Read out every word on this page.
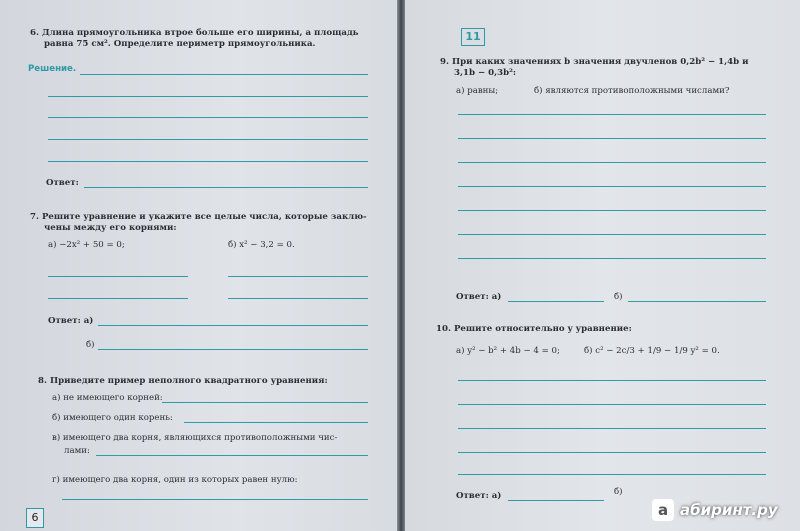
6. Длина прямоугольника втрое больше его ширины, а площадь
равна 75 см². Определите периметр прямоугольника.
Решение.
Ответ:
7. Решите уравнение и укажите все целые числа, которые заклю-
чены между его корнями:
а) −2x² + 50 = 0;	б) x² − 3,2 = 0.
Ответ: а)
б)
8. Приведите пример неполного квадратного уравнения:
а) не имеющего корней:
б) имеющего один корень:
в) имеющего два корня, являющихся противоположными чис-
лами:
г) имеющего два корня, один из которых равен нулю:
6
11
9. При каких значениях b значения двучленов 0,2b² − 1,4b и
3,1b − 0,3b²:
а) равны;	б) являются противоположными числами?
Ответ: а)	б)
10. Решите относительно y уравнение:
а) y² − b² + 4b − 4 = 0;	б) c² − 2c/3 + 1/9 − 1/9 y² = 0.
Ответ: а)	б)
a абиринт.ру
